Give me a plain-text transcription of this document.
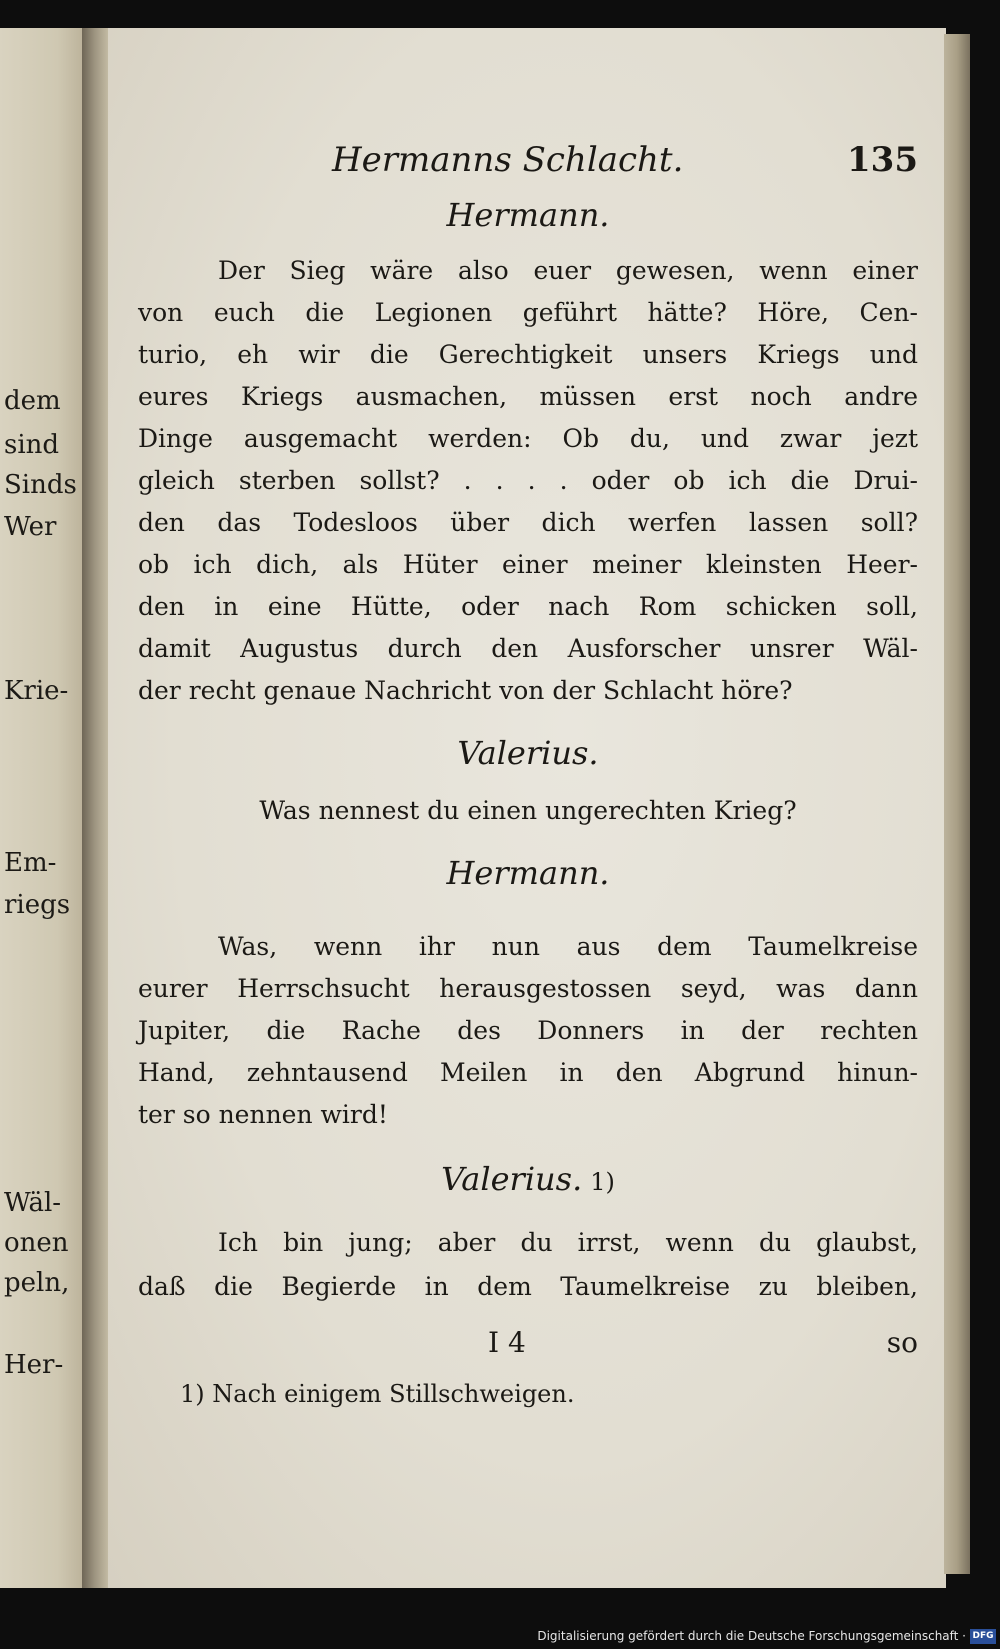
dem
sind
Sinds
Wer
Krie-
Em-
riegs
Wäl-
onen
peln,
Her-
Hermanns Schlacht.	135
Hermann.
Der Sieg wäre also euer gewesen, wenn einer
von euch die Legionen geführt hätte? Höre, Cen-
turio, eh wir die Gerechtigkeit unsers Kriegs und
eures Kriegs ausmachen, müssen erst noch andre
Dinge ausgemacht werden: Ob du, und zwar jezt
gleich sterben sollst? . . . . oder ob ich die Drui-
den das Todesloos über dich werfen lassen soll?
ob ich dich, als Hüter einer meiner kleinsten Heer-
den in eine Hütte, oder nach Rom schicken soll,
damit Augustus durch den Ausforscher unsrer Wäl-
der recht genaue Nachricht von der Schlacht höre?
Valerius.
Was nennest du einen ungerechten Krieg?
Hermann.
Was, wenn ihr nun aus dem Taumelkreise
eurer Herrschsucht herausgestossen seyd, was dann
Jupiter, die Rache des Donners in der rechten
Hand, zehntausend Meilen in den Abgrund hinun-
ter so nennen wird!
Valerius. 1)
Ich bin jung; aber du irrst, wenn du glaubst,
daß die Begierde in dem Taumelkreise zu bleiben,
I 4	so
1) Nach einigem Stillschweigen.
Digitalisierung gefördert durch die Deutsche Forschungsgemeinschaft · DFG
